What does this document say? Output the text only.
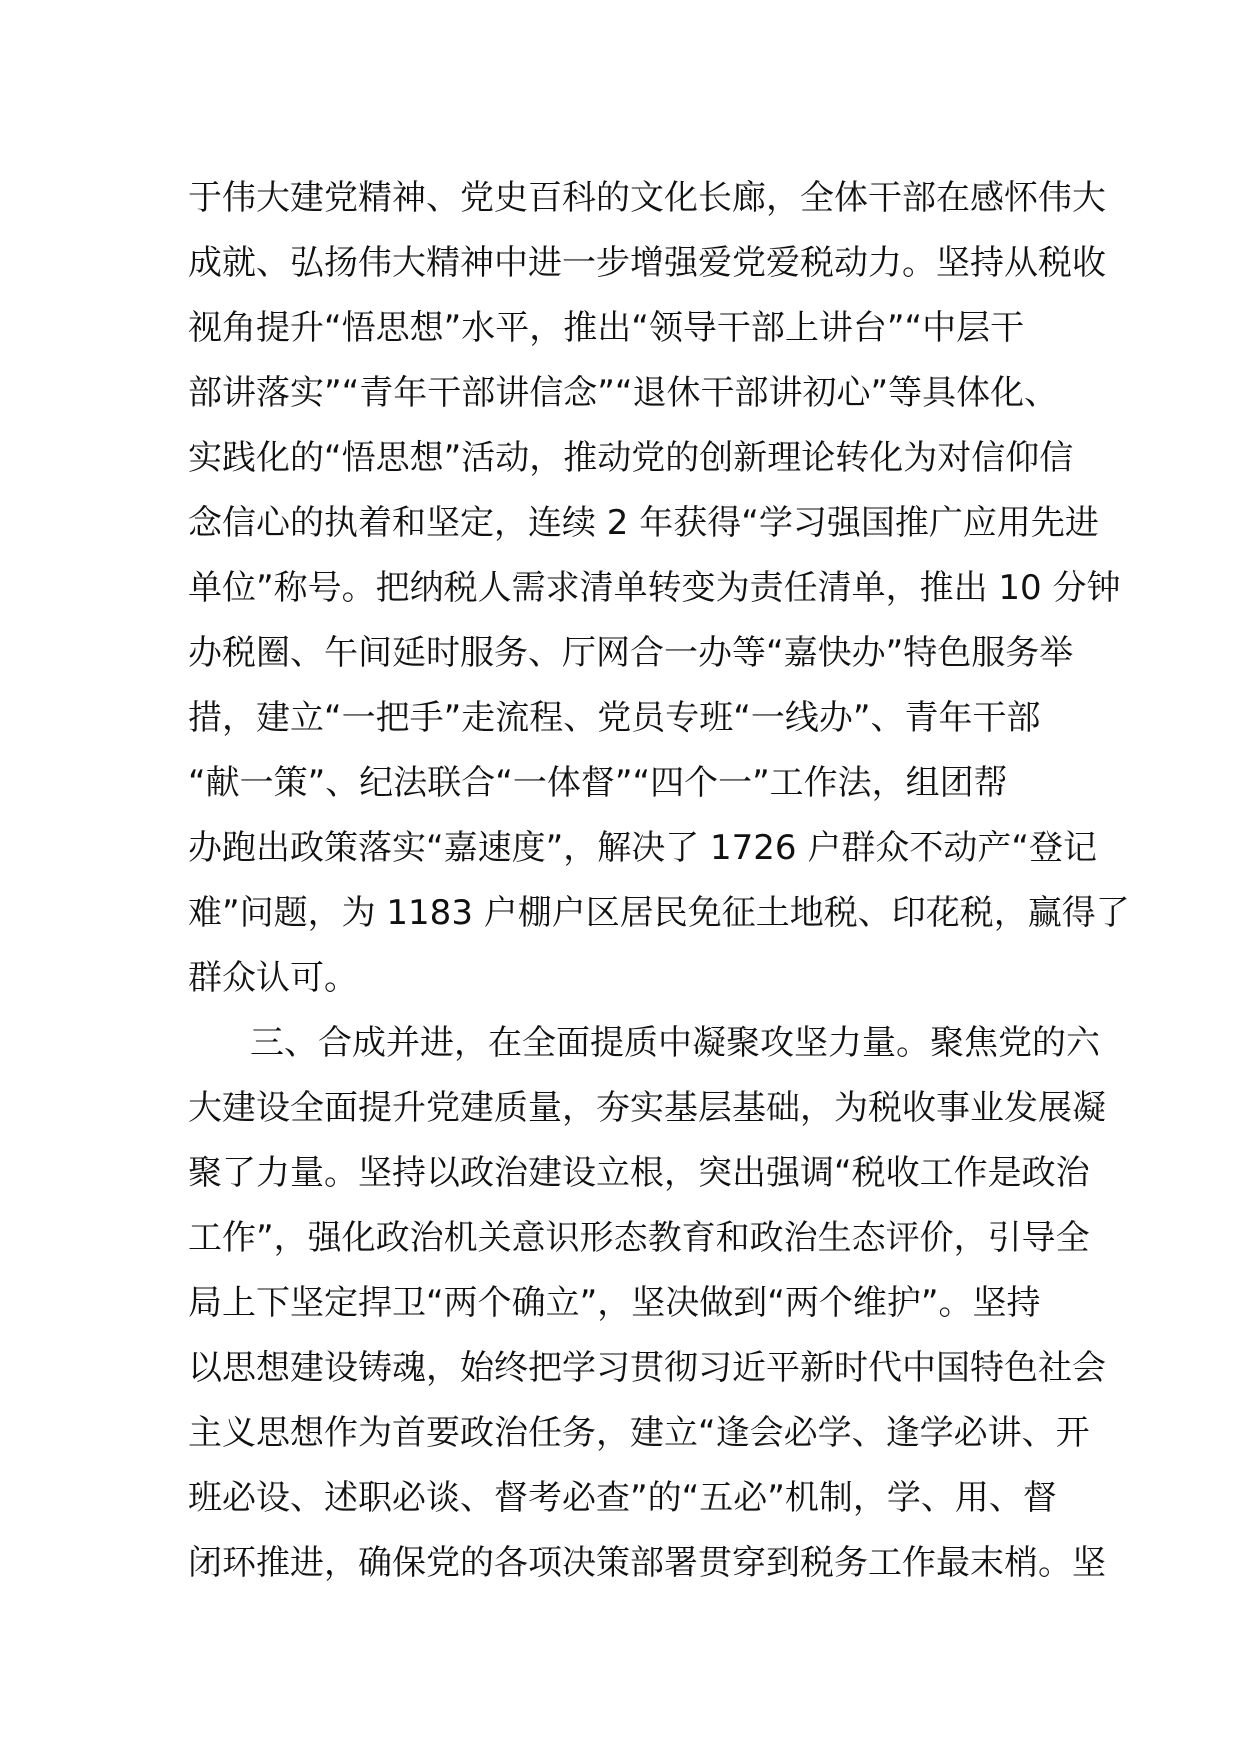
于伟大建党精神、党史百科的文化长廊，全体干部在感怀伟大
成就、弘扬伟大精神中进一步增强爱党爱税动力。坚持从税收
视角提升“悟思想”水平，推出“领导干部上讲台”“中层干
部讲落实”“青年干部讲信念”“退休干部讲初心”等具体化、
实践化的“悟思想”活动，推动党的创新理论转化为对信仰信
念信心的执着和坚定，连续 2 年获得“学习强国推广应用先进
单位”称号。把纳税人需求清单转变为责任清单，推出 10 分钟
办税圈、午间延时服务、厅网合一办等“嘉快办”特色服务举
措，建立“一把手”走流程、党员专班“一线办”、青年干部
“献一策”、纪法联合“一体督”“四个一”工作法，组团帮
办跑出政策落实“嘉速度”，解决了 1726 户群众不动产“登记
难”问题，为 1183 户棚户区居民免征土地税、印花税，赢得了
群众认可。
三、合成并进，在全面提质中凝聚攻坚力量。聚焦党的六
大建设全面提升党建质量，夯实基层基础，为税收事业发展凝
聚了力量。坚持以政治建设立根，突出强调“税收工作是政治
工作”，强化政治机关意识形态教育和政治生态评价，引导全
局上下坚定捍卫“两个确立”，坚决做到“两个维护”。坚持
以思想建设铸魂，始终把学习贯彻习近平新时代中国特色社会
主义思想作为首要政治任务，建立“逢会必学、逢学必讲、开
班必设、述职必谈、督考必查”的“五必”机制，学、用、督
闭环推进，确保党的各项决策部署贯穿到税务工作最末梢。坚
